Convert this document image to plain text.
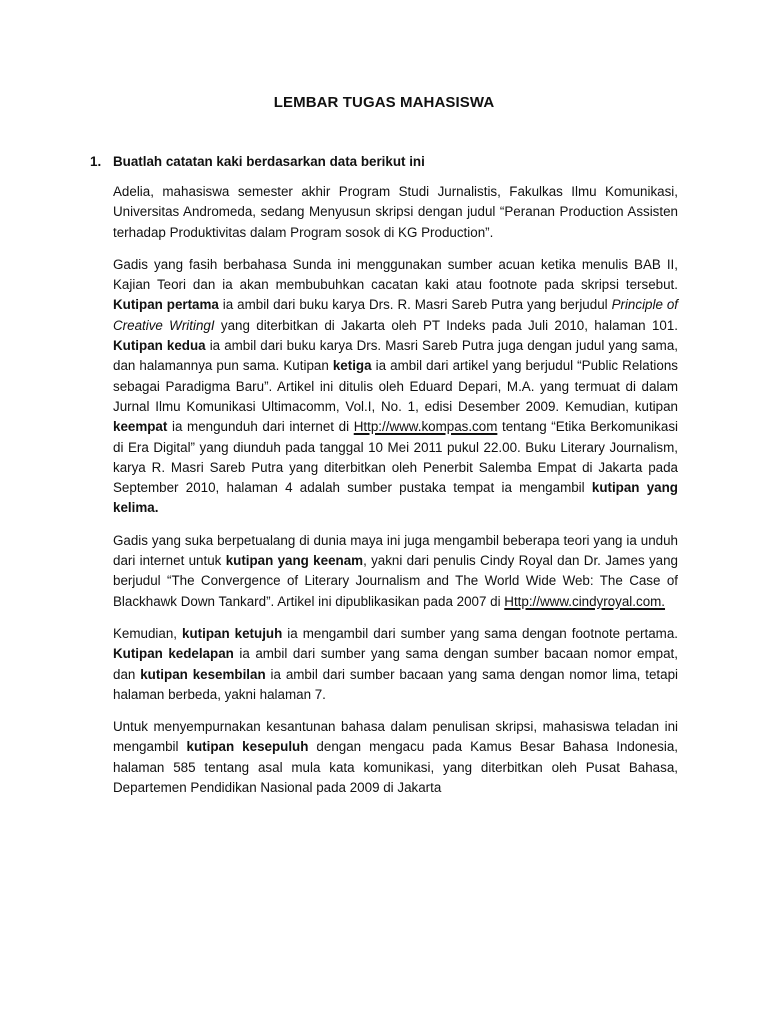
LEMBAR TUGAS MAHASISWA
1. Buatlah catatan kaki berdasarkan data berikut ini

Adelia, mahasiswa semester akhir Program Studi Jurnalistis, Fakulkas Ilmu Komunikasi, Universitas Andromeda, sedang Menyusun skripsi dengan judul “Peranan Production Assisten terhadap Produktivitas dalam Program sosok di KG Production”.

Gadis yang fasih berbahasa Sunda ini menggunakan sumber acuan ketika menulis BAB II, Kajian Teori dan ia akan membubuhkan cacatan kaki atau footnote pada skripsi tersebut. Kutipan pertama ia ambil dari buku karya Drs. R. Masri Sareb Putra yang berjudul Principle of Creative WritingI yang diterbitkan di Jakarta oleh PT Indeks pada Juli 2010, halaman 101. Kutipan kedua ia ambil dari buku karya Drs. Masri Sareb Putra juga dengan judul yang sama, dan halamannya pun sama. Kutipan ketiga ia ambil dari artikel yang berjudul “Public Relations sebagai Paradigma Baru”. Artikel ini ditulis oleh Eduard Depari, M.A. yang termuat di dalam Jurnal Ilmu Komunikasi Ultimacomm, Vol.I, No. 1, edisi Desember 2009. Kemudian, kutipan keempat ia mengunduh dari internet di Http://www.kompas.com tentang “Etika Berkomunikasi di Era Digital” yang diunduh pada tanggal 10 Mei 2011 pukul 22.00. Buku Literary Journalism, karya R. Masri Sareb Putra yang diterbitkan oleh Penerbit Salemba Empat di Jakarta pada September 2010, halaman 4 adalah sumber pustaka tempat ia mengambil kutipan yang kelima.

Gadis yang suka berpetualang di dunia maya ini juga mengambil beberapa teori yang ia unduh dari internet untuk kutipan yang keenam, yakni dari penulis Cindy Royal dan Dr. James yang berjudul “The Convergence of Literary Journalism and The World Wide Web: The Case of Blackhawk Down Tankard”. Artikel ini dipublikasikan pada 2007 di Http://www.cindyroyal.com.

Kemudian, kutipan ketujuh ia mengambil dari sumber yang sama dengan footnote pertama. Kutipan kedelapan ia ambil dari sumber yang sama dengan sumber bacaan nomor empat, dan kutipan kesembilan ia ambil dari sumber bacaan yang sama dengan nomor lima, tetapi halaman berbeda, yakni halaman 7.

Untuk menyempurnakan kesantunan bahasa dalam penulisan skripsi, mahasiswa teladan ini mengambil kutipan kesepuluh dengan mengacu pada Kamus Besar Bahasa Indonesia, halaman 585 tentang asal mula kata komunikasi, yang diterbitkan oleh Pusat Bahasa, Departemen Pendidikan Nasional pada 2009 di Jakarta
